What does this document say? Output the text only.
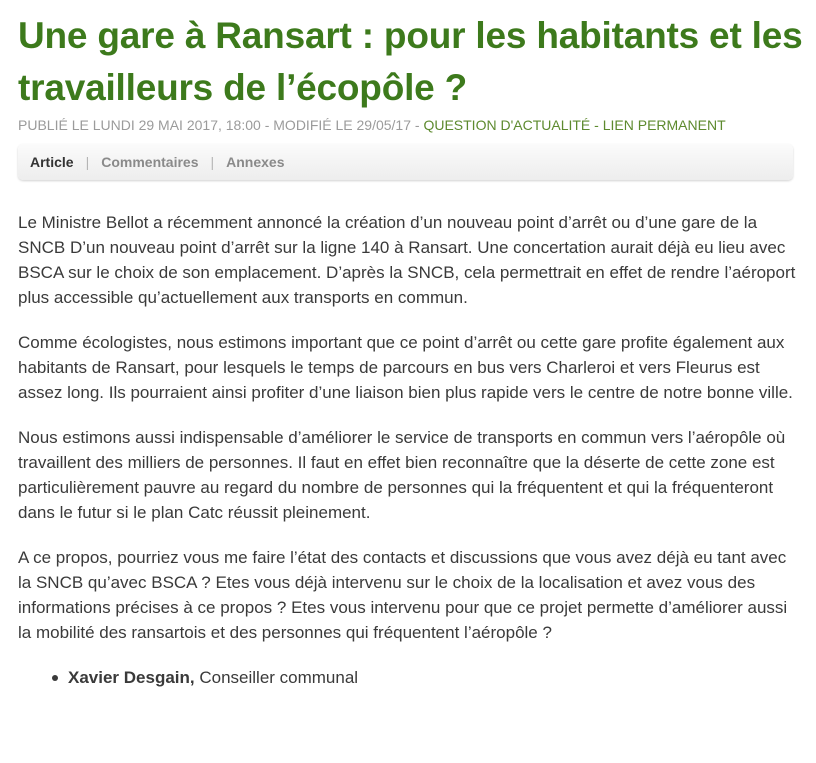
Une gare à Ransart : pour les habitants et les travailleurs de l’écopôle ?
PUBLIÉ LE LUNDI 29 MAI 2017, 18:00 - MODIFIÉ LE 29/05/17 - QUESTION D'ACTUALITÉ - LIEN PERMANENT
Article | Commentaires | Annexes

Le Ministre Bellot a récemment annoncé la création d’un nouveau point d’arrêt ou d’une gare de la SNCB D’un nouveau point d’arrêt sur la ligne 140 à Ransart. Une concertation aurait déjà eu lieu avec BSCA sur le choix de son emplacement. D’après la SNCB, cela permettrait en effet de rendre l’aéroport plus accessible qu’actuellement aux transports en commun.

Comme écologistes, nous estimons important que ce point d’arrêt ou cette gare profite également aux habitants de Ransart, pour lesquels le temps de parcours en bus vers Charleroi et vers Fleurus est assez long. Ils pourraient ainsi profiter d’une liaison bien plus rapide vers le centre de notre bonne ville.

Nous estimons aussi indispensable d’améliorer le service de transports en commun vers l’aéropôle où travaillent des milliers de personnes. Il faut en effet bien reconnaître que la déserte de cette zone est particulièrement pauvre au regard du nombre de personnes qui la fréquentent et qui la fréquenteront dans le futur si le plan Catc réussit pleinement.

A ce propos, pourriez vous me faire l’état des contacts et discussions que vous avez déjà eu tant avec la SNCB qu’avec BSCA ? Etes vous déjà intervenu sur le choix de la localisation et avez vous des informations précises à ce propos ? Etes vous intervenu pour que ce projet permette d’améliorer aussi la mobilité des ransartois et des personnes qui fréquentent l’aéropôle ?

Xavier Desgain, Conseiller communal
